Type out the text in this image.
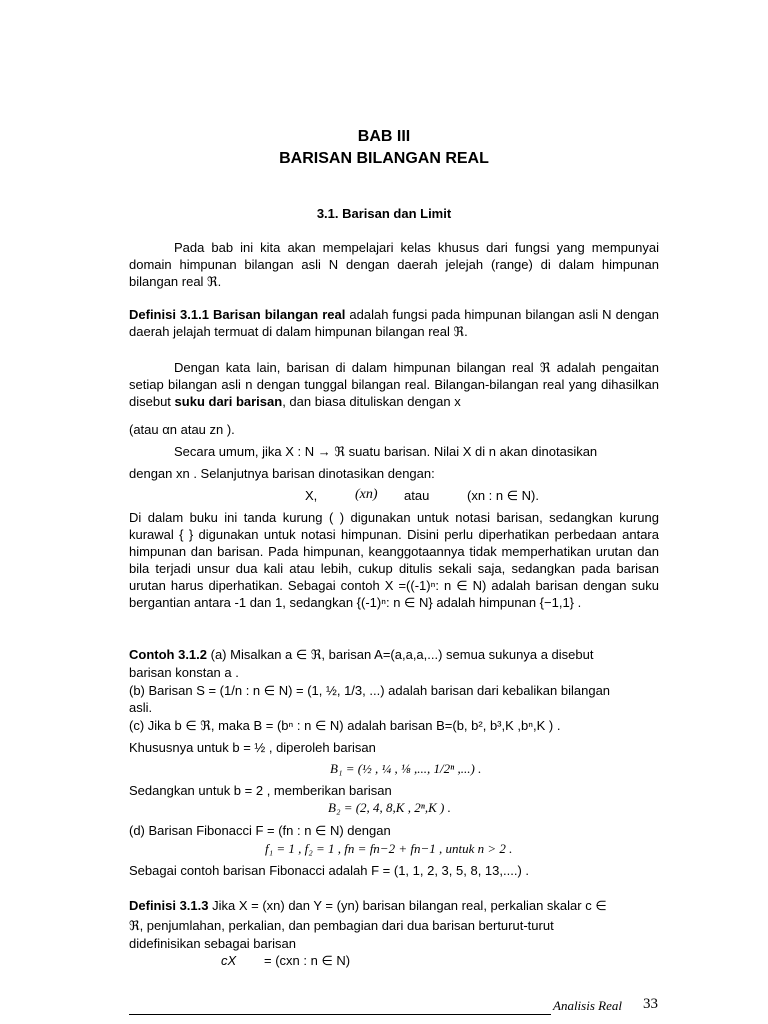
BAB III
BARISAN BILANGAN REAL
3.1. Barisan dan Limit
Pada bab ini kita akan mempelajari kelas khusus dari fungsi yang mempunyai domain himpunan bilangan asli N dengan daerah jelejah (range) di dalam himpunan bilangan real ℜ.
Definisi 3.1.1 Barisan bilangan real adalah fungsi pada himpunan bilangan asli N dengan daerah jelajah termuat di dalam himpunan bilangan real ℜ.
Dengan kata lain, barisan di dalam himpunan bilangan real ℜ adalah pengaitan setiap bilangan asli n dengan tunggal bilangan real. Bilangan-bilangan real yang dihasilkan disebut suku dari barisan, dan biasa dituliskan dengan x
(atau αn atau zn ).
Secara umum, jika X : N → ℜ suatu barisan. Nilai X di n akan dinotasikan
dengan xn . Selanjutnya barisan dinotasikan dengan:
X,	(xn) atau	(xn : n ∈ N).
Di dalam buku ini tanda kurung ( ) digunakan untuk notasi barisan, sedangkan kurung kurawal { } digunakan untuk notasi himpunan. Disini perlu diperhatikan perbedaan antara himpunan dan barisan. Pada himpunan, keanggotaannya tidak memperhatikan urutan dan bila terjadi unsur dua kali atau lebih, cukup ditulis sekali saja, sedangkan pada barisan urutan harus diperhatikan. Sebagai contoh X =((-1)ⁿ: n ∈ N) adalah barisan dengan suku bergantian antara -1 dan 1, sedangkan {(-1)ⁿ: n ∈ N} adalah himpunan {−1,1} .
Contoh 3.1.2 (a) Misalkan a ∈ ℜ, barisan A=(a,a,a,...) semua sukunya a disebut
barisan konstan a .
(b) Barisan S = (1/n : n ∈ N) = (1, ½, 1/3, ...) adalah barisan dari kebalikan bilangan
asli.
(c) Jika b ∈ ℜ, maka B = (bⁿ : n ∈ N) adalah barisan B=(b, b², b³,K ,bⁿ,K ) .
Khususnya untuk b = ½ , diperoleh barisan
B₁ = (½ , ¼ , ⅛ ,..., 1/2ⁿ ,...) .
Sedangkan untuk b = 2 , memberikan barisan
B₂ = (2, 4, 8,K , 2ⁿ,K ) .
(d) Barisan Fibonacci F = (fn : n ∈ N) dengan
f₁ = 1 , f₂ = 1 , fn = fn−2 + fn−1 , untuk n > 2 .
Sebagai contoh barisan Fibonacci adalah F = (1, 1, 2, 3, 5, 8, 13,....) .
Definisi 3.1.3 Jika X = (xn) dan Y = (yn) barisan bilangan real, perkalian skalar c ∈
ℜ, penjumlahan, perkalian, dan pembagian dari dua barisan berturut-turut
didefinisikan sebagai barisan
cX = (cxn : n ∈ N)
Analisis Real 33
